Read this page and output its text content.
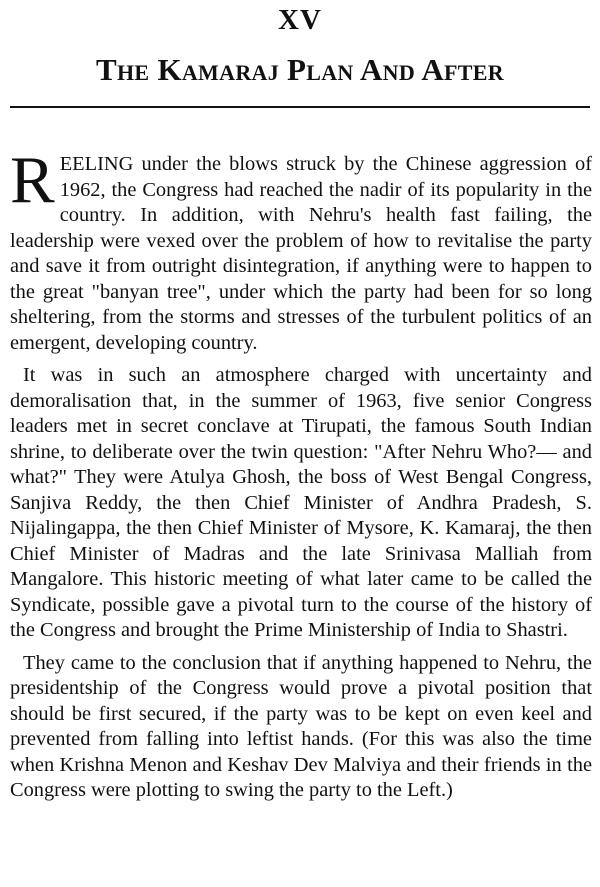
XV
The Kamaraj Plan And After

REELING under the blows struck by the Chinese aggression of 1962, the Congress had reached the nadir of its popularity in the country. In addition, with Nehru's health fast failing, the leadership were vexed over the problem of how to revitalise the party and save it from outright disintegration, if anything were to happen to the great "banyan tree", under which the party had been for so long sheltering, from the storms and stresses of the turbulent politics of an emergent, developing country.

It was in such an atmosphere charged with uncertainty and demoralisation that, in the summer of 1963, five senior Congress leaders met in secret conclave at Tirupati, the famous South Indian shrine, to deliberate over the twin question: "After Nehru Who?— and what?" They were Atulya Ghosh, the boss of West Bengal Congress, Sanjiva Reddy, the then Chief Minister of Andhra Pradesh, S. Nijalingappa, the then Chief Minister of Mysore, K. Kamaraj, the then Chief Minister of Madras and the late Srinivasa Malliah from Mangalore. This historic meeting of what later came to be called the Syndicate, possible gave a pivotal turn to the course of the history of the Congress and brought the Prime Ministership of India to Shastri.

They came to the conclusion that if anything happened to Nehru, the presidentship of the Congress would prove a pivotal position that should be first secured, if the party was to be kept on even keel and prevented from falling into leftist hands. (For this was also the time when Krishna Menon and Keshav Dev Malviya and their friends in the Congress were plotting to swing the party to the Left.)
